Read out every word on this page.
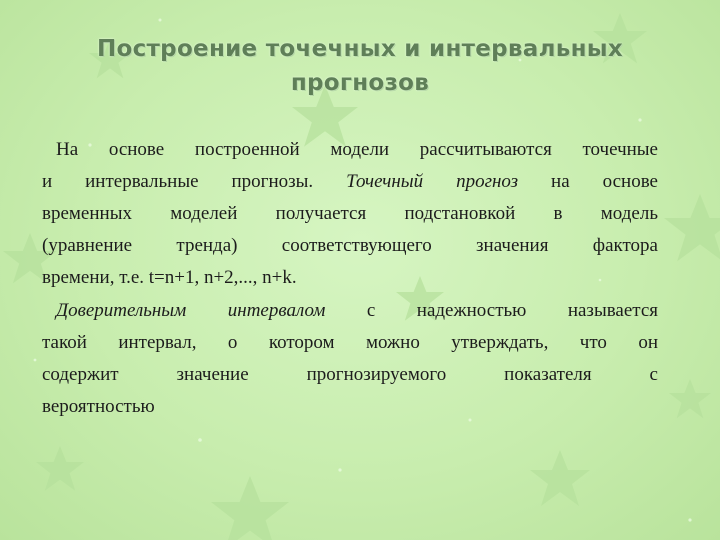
Построение точечных и интервальных
прогнозов
На основе построенной модели рассчитываются точечные
и интервальные прогнозы. Точечный прогноз на основе
временных моделей получается подстановкой в модель
(уравнение тренда) соответствующего значения фактора
времени, т.е. t=n+1, n+2,..., n+k.
Доверительным интервалом с надежностью называется
такой интервал, о котором можно утверждать, что он
содержит значение прогнозируемого показателя с
вероятностью
